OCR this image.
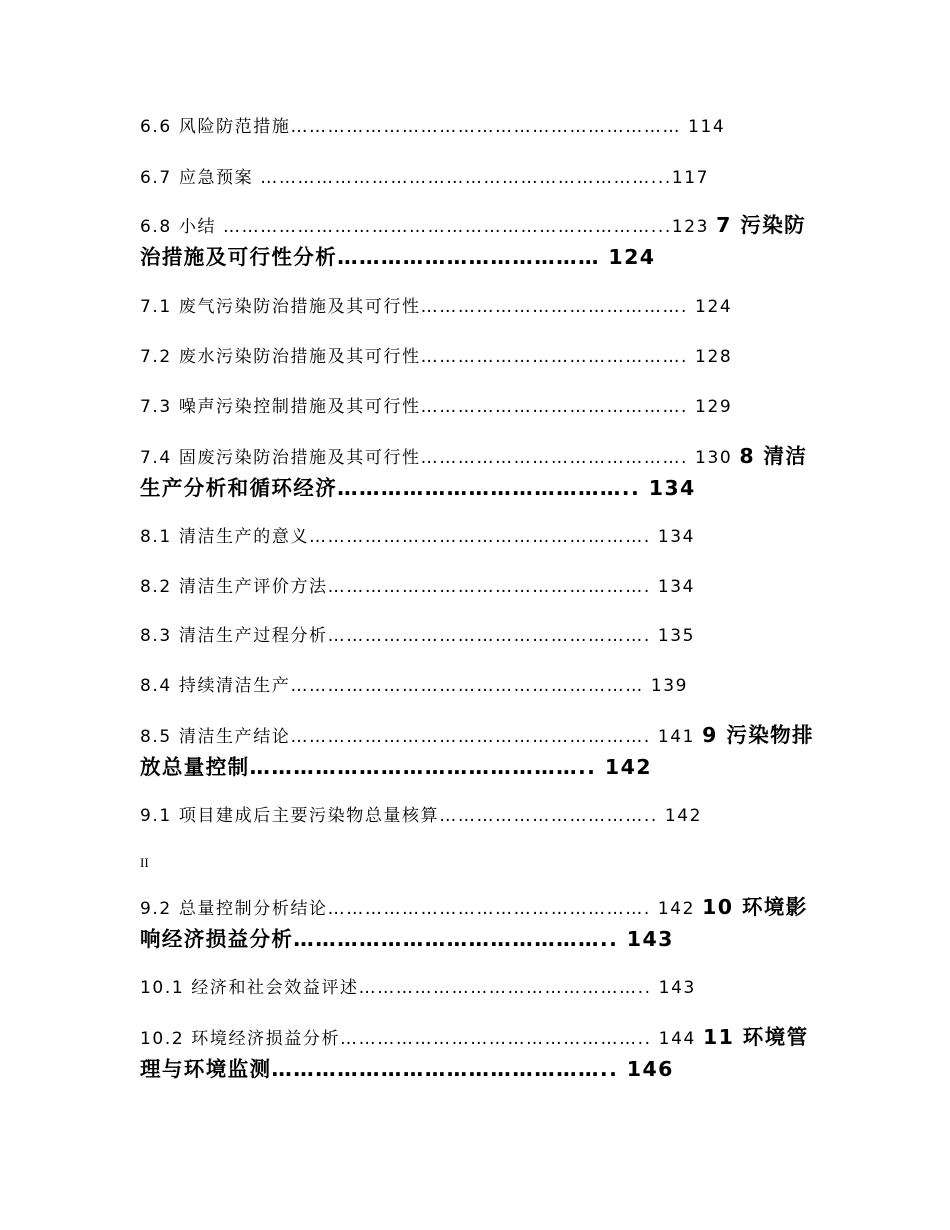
6.6 风险防范措施……………………………………………………… 114
6.7 应急预案 ………………………………………………………...117
6.8 小结 ……………………………………………………………...123 7 污染防治措施及可行性分析……………………………… 124
7.1 废气污染防治措施及其可行性……………………………………. 124
7.2 废水污染防治措施及其可行性……………………………………. 128
7.3 噪声污染控制措施及其可行性……………………………………. 129
7.4 固废污染防治措施及其可行性……………………………………. 130 8 清洁生产分析和循环经济………………………………….. 134
8.1 清洁生产的意义………………………………………………. 134
8.2 清洁生产评价方法……………………………………………. 134
8.3 清洁生产过程分析……………………………………………. 135
8.4 持续清洁生产………………………………………………… 139
8.5 清洁生产结论…………………………………………………. 141 9 污染物排放总量控制……………………………………….. 142
9.1 项目建成后主要污染物总量核算…………………………….. 142
II
9.2 总量控制分析结论……………………………………………. 142 10 环境影响经济损益分析…………………………………….. 143
10.1 经济和社会效益评述……………………………………….. 143
10.2 环境经济损益分析………………………………………….. 144 11 环境管理与环境监测……………………………………….. 146
